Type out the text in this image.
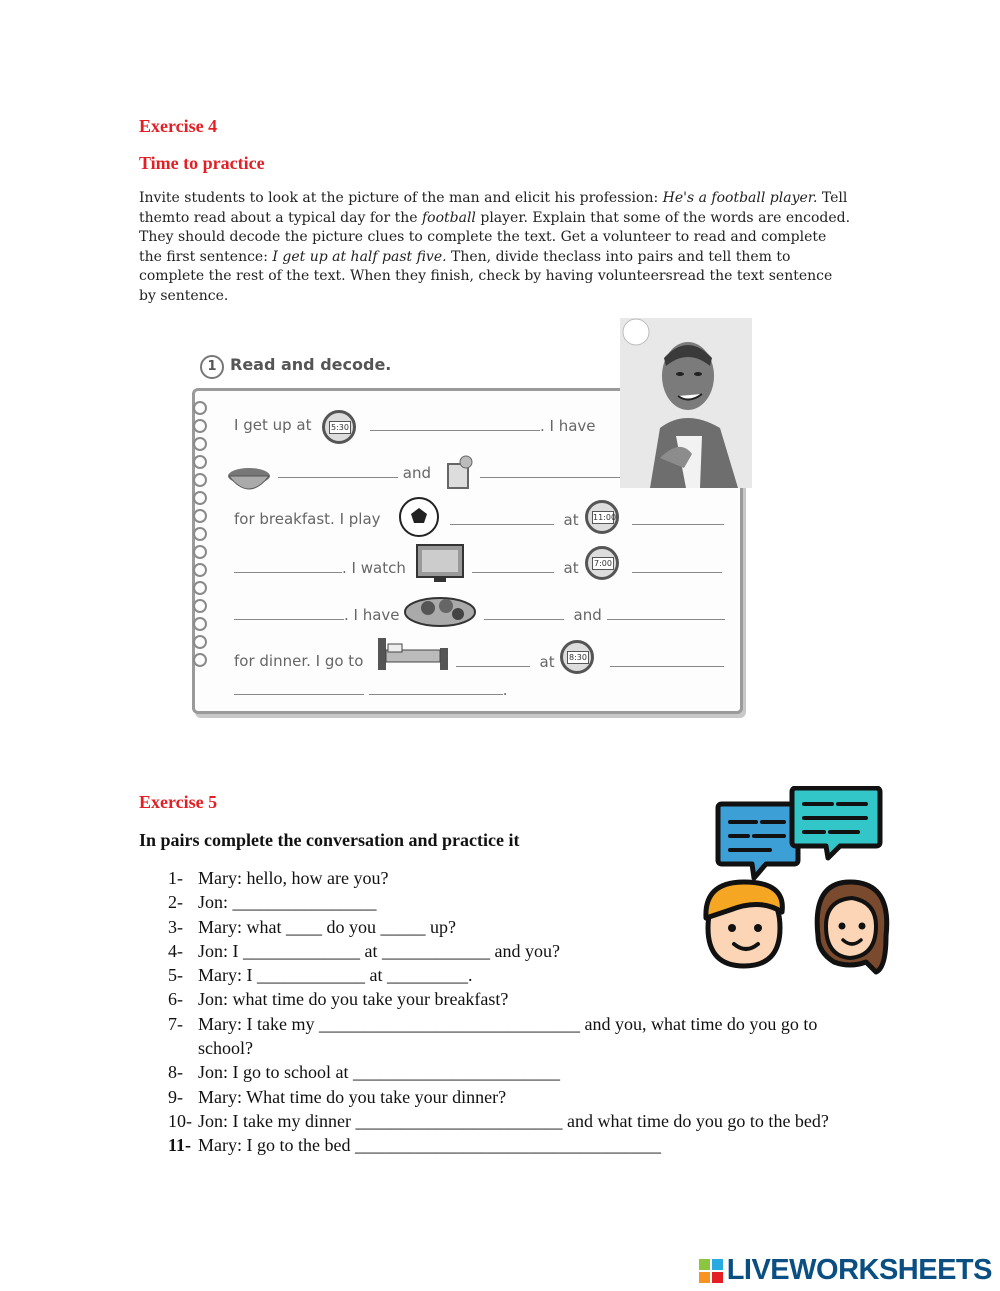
Exercise 4
Time to practice
Invite students to look at the picture of the man and elicit his profession: He's a football player. Tell themto read about a typical day for the football player. Explain that some of the words are encoded. They should decode the picture clues to complete the text. Get a volunteer to read and complete the first sentence: I get up at half past five. Then, divide theclass into pairs and tell them to complete the rest of the text. When they finish, check by having volunteersread the text sentence by sentence.
1 Read and decode.
I get up at 5:30	. I have
and
for breakfast. I play	at 11:00
. I watch	at 7:00
. I have	and
for dinner. I go to	at 8:30
.
Exercise 5
In pairs complete the conversation and practice it
1- Mary: hello, how are you?
2- Jon: ________________
3- Mary: what ____ do you _____ up?
4- Jon: I _____________ at ____________ and you?
5- Mary: I ____________ at _________.
6- Jon: what time do you take your breakfast?
7- Mary: I take my _____________________________ and you, what time do you go to school?
8- Jon: I go to school at _______________________
9- Mary: What time do you take your dinner?
10- Jon: I take my dinner _______________________ and what time do you go to the bed?
11- Mary: I go to the bed __________________________________
LIVEWORKSHEETS
